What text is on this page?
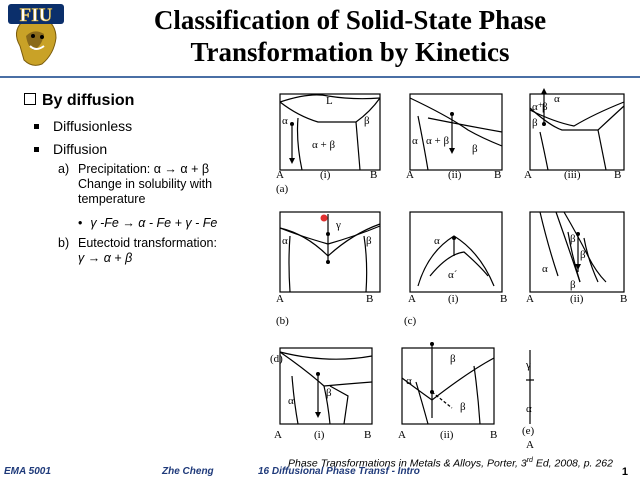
FIU	Classification of Solid-State Phase
Transformation by Kinetics
By diffusion
Diffusionless
Diffusion
a) Precipitation: α → α + β
Change in solubility with
temperature
• γ -Fe → α - Fe + γ - Fe
b) Eutectoid transformation:
γ → α + β
L
α
α + β
β
A	(i)	B
(a)
α α + β
β
A	(ii)	B
α +
β
α
β
A	(iii)	B
γ
α	β
A	B
(b)
α
α´
A	(i)	B
(c)
β
β
α
β
A	(ii)	B
α
β
(d)
A	(i)	B
β
α
β
A	(ii)	B
γ
α
(e)
A
Phase Transformations in Metals & Alloys, Porter, 3rd Ed, 2008, p. 262
EMA 5001	Zhe Cheng	16 Diffusional Phase Transf - Intro	1
